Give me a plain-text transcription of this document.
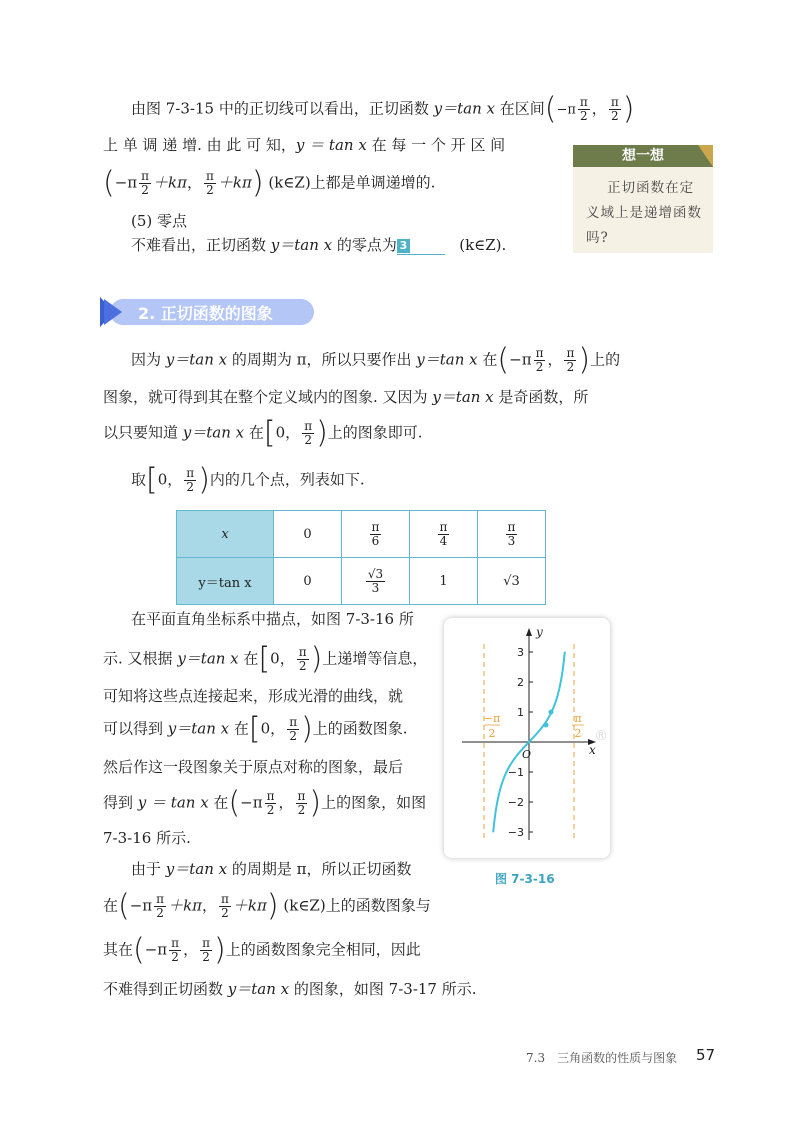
由图 7-3-15 中的正切线可以看出，正切函数 y＝tan x 在区间($-\pi \frac{\pi}{2}$ ， $\frac{\pi}{2}$ )
上 单 调 递 增. 由 此 可 知，y ＝ tan x 在 每 一 个 开 区 间
($-\pi \frac{\pi}{2} +k\pi$， $\frac{\pi}{2} +k\pi$) (k∈Z)上都是单调递增的.
想一想
正切函数在定义域上是递增函数吗?
(5) 零点
不难看出，正切函数 y＝tan x 的零点为 3	(k∈Z).
2. 正切函数的图象
因为 y＝tan x 的周期为 π，所以只要作出 y＝tan x 在($-\pi \frac{\pi}{2}$ ， $\frac{\pi}{2}$ )上的
图象，就可得到其在整个定义域内的图象. 又因为 y＝tan x 是奇函数，所
以只要知道 y＝tan x 在[0， $\frac{\pi}{2}$ )上的图象即可.
取[0， $\frac{\pi}{2}$ )内的几个点，列表如下.
x	0	$\frac{\pi}{6}$	$\frac{\pi}{4}$	$\frac{\pi}{3}$

y＝tan x	0	$\frac{√3}{3}$	1	√3
在平面直角坐标系中描点，如图 7-3-16 所
示. 又根据 y＝tan x 在[0， $\frac{\pi}{2}$ )上递增等信息，
可知将这些点连接起来，形成光滑的曲线，就
可以得到 y＝tan x 在[0， $\frac{\pi}{2}$ )上的函数图象.
然后作这一段图象关于原点对称的图象，最后
得到 y ＝ tan x 在($-\pi \frac{\pi}{2}$ ， $\frac{\pi}{2}$ )上的图象，如图
7-3-16 所示.
y
x
O
3
2
1
−1
−2
−3
−π
2
π
2 ®
图 7-3-16
由于 y＝tan x 的周期是 π，所以正切函数
在($-\pi \frac{\pi}{2} +k\pi$， $\frac{\pi}{2} +k\pi$) (k∈Z)上的函数图象与
其在($-\pi \frac{\pi}{2}$ ， $\frac{\pi}{2}$ )上的函数图象完全相同，因此
不难得到正切函数 y＝tan x 的图象，如图 7-3-17 所示.
7.3　三角函数的性质与图象 57
